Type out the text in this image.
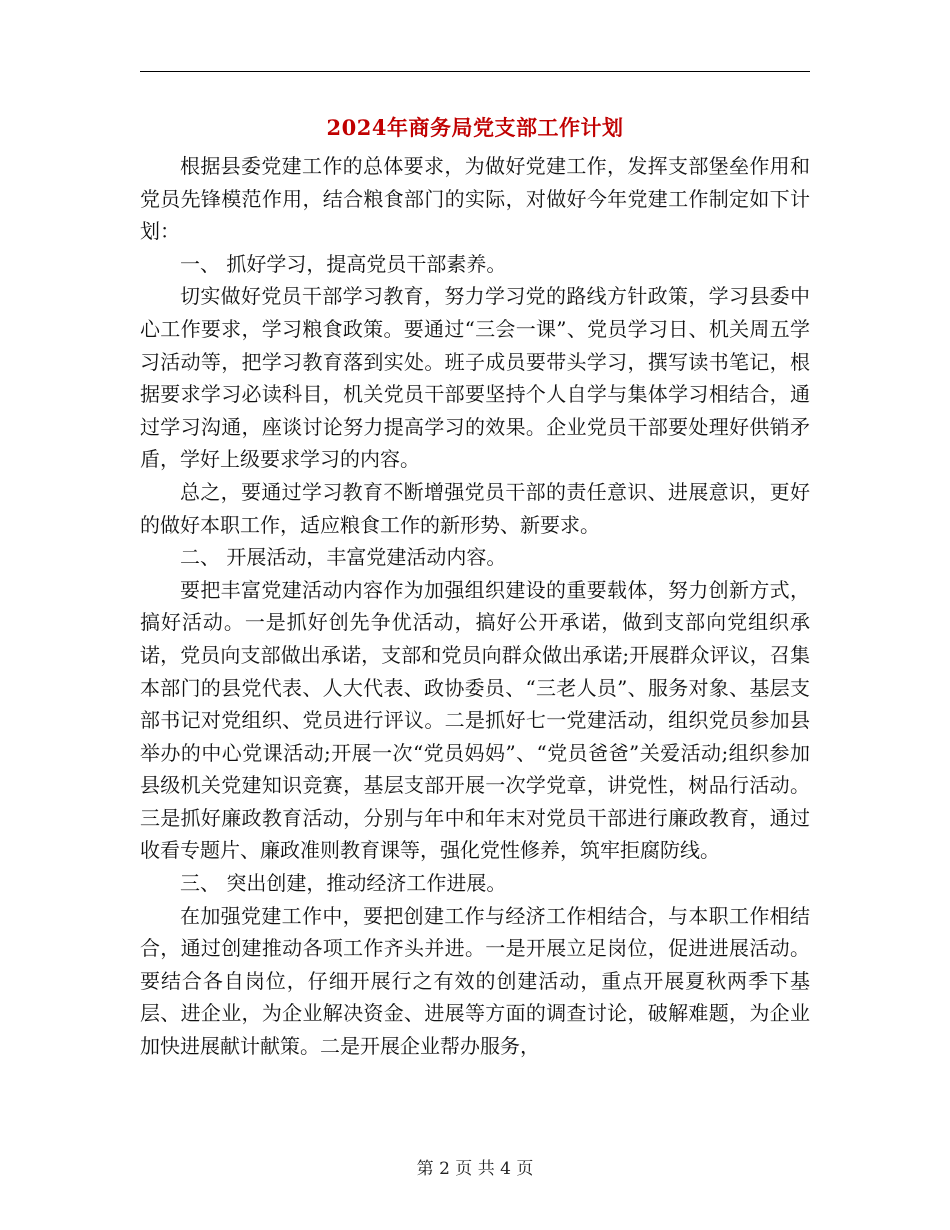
2024年商务局党支部工作计划

根据县委党建工作的总体要求，为做好党建工作，发挥支部堡垒作用和党员先锋模范作用，结合粮食部门的实际，对做好今年党建工作制定如下计划：

一、 抓好学习，提高党员干部素养。

切实做好党员干部学习教育，努力学习党的路线方针政策，学习县委中心工作要求，学习粮食政策。要通过“三会一课”、党员学习日、机关周五学习活动等，把学习教育落到实处。班子成员要带头学习，撰写读书笔记，根据要求学习必读科目，机关党员干部要坚持个人自学与集体学习相结合，通过学习沟通，座谈讨论努力提高学习的效果。企业党员干部要处理好供销矛盾，学好上级要求学习的内容。

总之，要通过学习教育不断增强党员干部的责任意识、进展意识，更好的做好本职工作，适应粮食工作的新形势、新要求。

二、 开展活动，丰富党建活动内容。

要把丰富党建活动内容作为加强组织建设的重要载体，努力创新方式，搞好活动。一是抓好创先争优活动，搞好公开承诺，做到支部向党组织承诺，党员向支部做出承诺，支部和党员向群众做出承诺;开展群众评议，召集本部门的县党代表、人大代表、政协委员、“三老人员”、服务对象、基层支部书记对党组织、党员进行评议。二是抓好七一党建活动，组织党员参加县举办的中心党课活动;开展一次“党员妈妈”、“党员爸爸”关爱活动;组织参加县级机关党建知识竞赛，基层支部开展一次学党章，讲党性，树品行活动。三是抓好廉政教育活动，分别与年中和年末对党员干部进行廉政教育，通过收看专题片、廉政准则教育课等，强化党性修养，筑牢拒腐防线。

三、 突出创建，推动经济工作进展。

在加强党建工作中，要把创建工作与经济工作相结合，与本职工作相结合，通过创建推动各项工作齐头并进。一是开展立足岗位，促进进展活动。要结合各自岗位，仔细开展行之有效的创建活动，重点开展夏秋两季下基层、进企业，为企业解决资金、进展等方面的调查讨论，破解难题，为企业加快进展献计献策。二是开展企业帮办服务，

第 2 页 共 4 页
